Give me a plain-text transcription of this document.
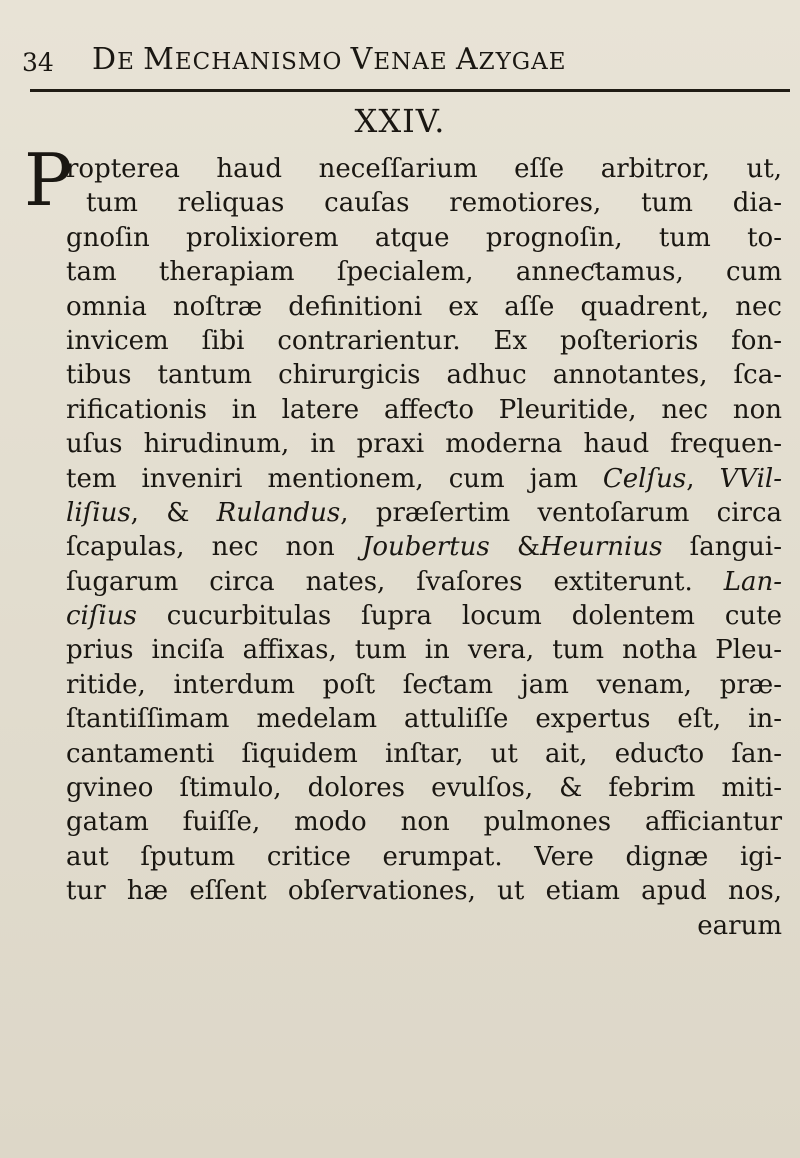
34 DE MECHANISMO VENAE AZYGAE
XXIV.
P
ropterea haud neceſſarium eſſe arbitror, ut,
tum reliquas cauſas remotiores, tum dia-
gnoſin prolixiorem atque prognoſin, tum to-
tam therapiam ſpecialem, anneƈtamus, cum
omnia noſtræ definitioni ex aſſe quadrent, nec
invicem ſibi contrarientur. Ex poſterioris fon-
tibus tantum chirurgicis adhuc annotantes, ſca-
rificationis in latere affeƈto Pleuritide, nec non
uſus hirudinum, in praxi moderna haud frequen-
tem inveniri mentionem, cum jam Celſus, VVil-
liſius, & Rulandus, præſertim ventoſarum circa
ſcapulas, nec non Joubertus &Heurnius ſangui-
ſugarum circa nates, ſvaſores extiterunt. Lan-
ciſius cucurbitulas ſupra locum dolentem cute
prius inciſa affixas, tum in vera, tum notha Pleu-
ritide, interdum poſt ſeƈtam jam venam, præ-
ſtantiſſimam medelam attuliſſe expertus eſt, in-
cantamenti ſiquidem inſtar, ut ait, eduƈto ſan-
gvineo ſtimulo, dolores evulſos, & febrim miti-
gatam fuiſſe, modo non pulmones afficiantur
aut ſputum critice erumpat. Vere dignæ igi-
tur hæ eſſent obſervationes, ut etiam apud nos,
earum
